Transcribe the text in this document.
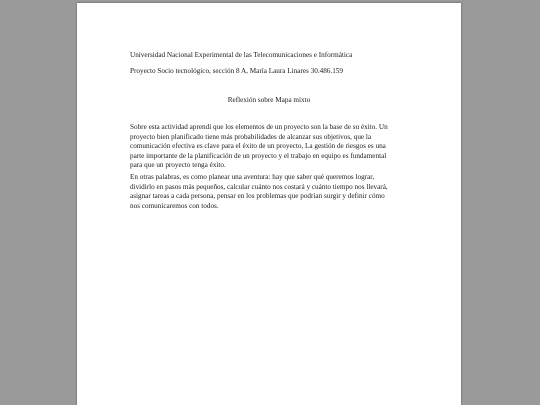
Universidad Nacional Experimental de las Telecomunicaciones e Informática
Proyecto Socio tecnológico, sección 8 A, María Laura Linares 30.486.159
Reflexión sobre Mapa mixto

Sobre esta actividad aprendí que los elementos de un proyecto son la base de su éxito. Un
proyecto bien planificado tiene más probabilidades de alcanzar sus objetivos, que la
comunicación efectiva es clave para el éxito de un proyecto, La gestión de riesgos es una
parte importante de la planificación de un proyecto y el trabajo en equipo es fundamental
para que un proyecto tenga éxito.

En otras palabras, es como planear una aventura: hay que saber qué queremos lograr,
dividirlo en pasos más pequeños, calcular cuánto nos costará y cuánto tiempo nos llevará,
asignar tareas a cada persona, pensar en los problemas que podrían surgir y definir cómo
nos comunicaremos con todos.
